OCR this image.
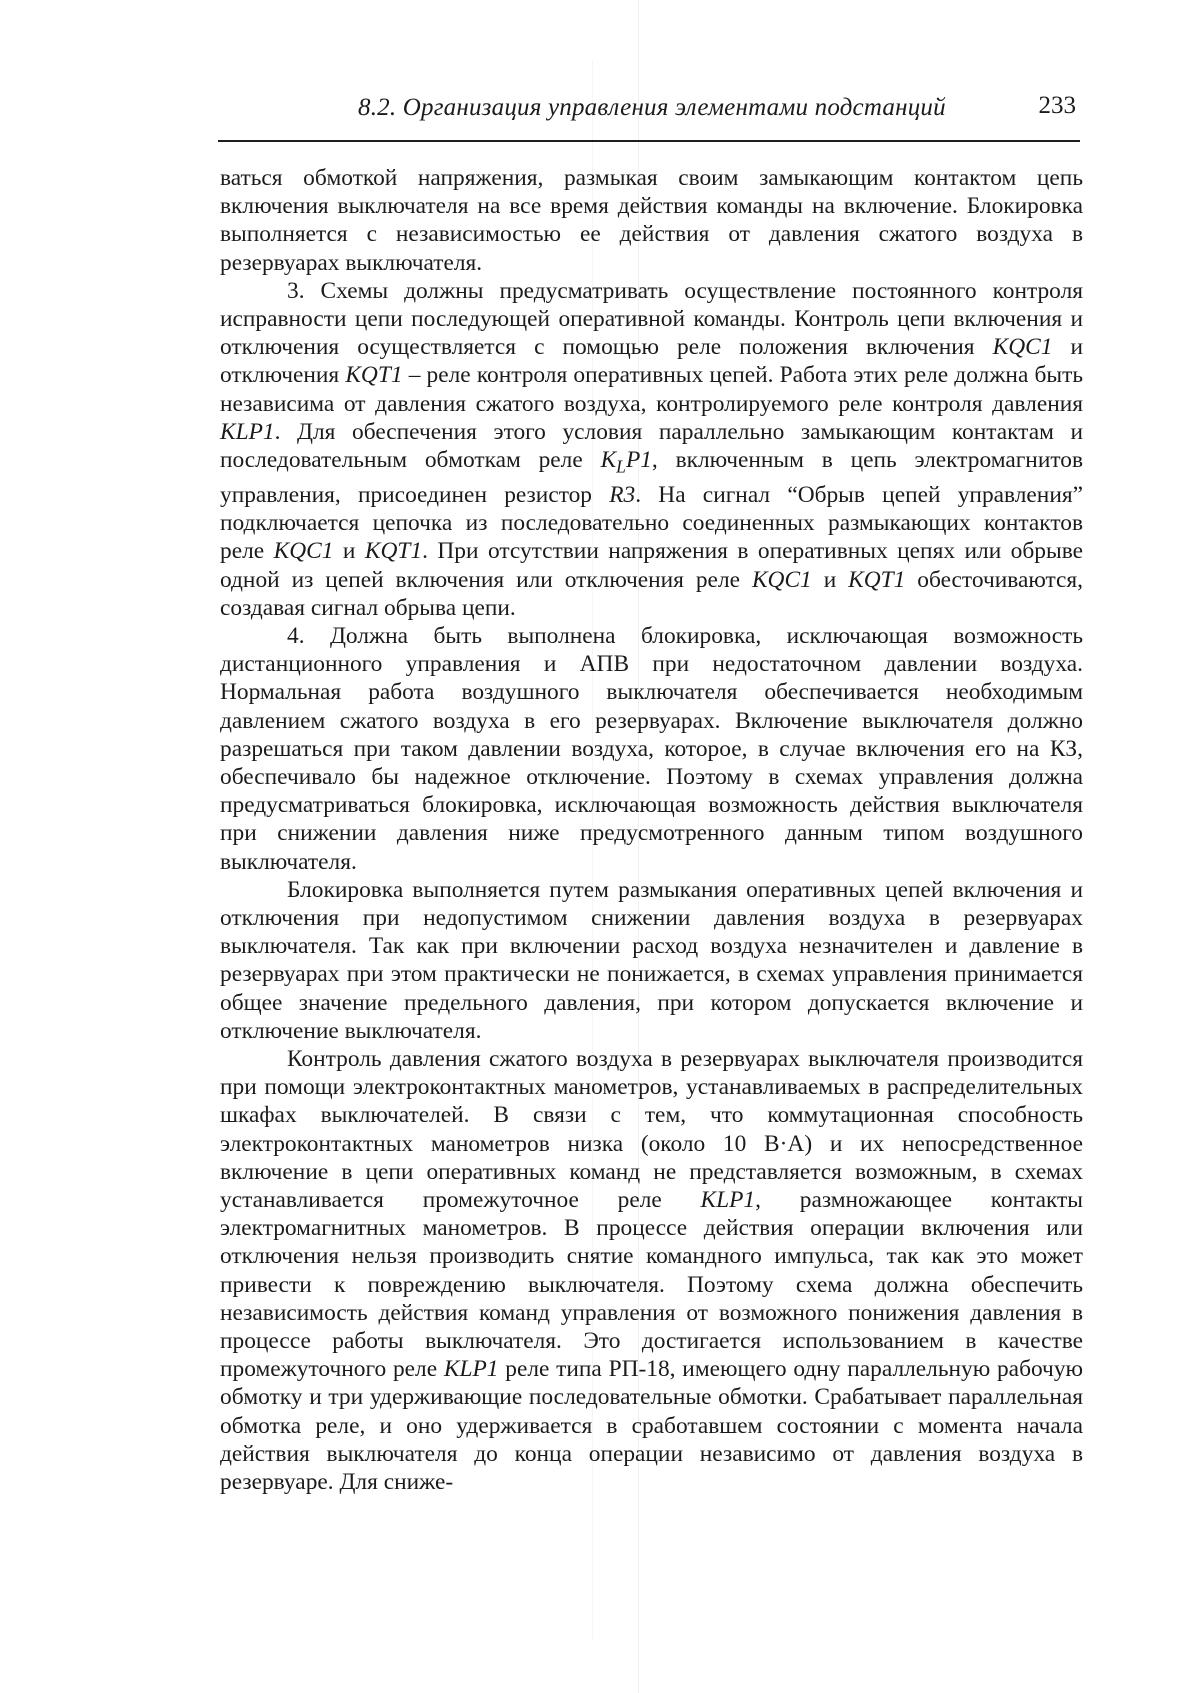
8.2. Организация управления элементами подстанций	233

ваться обмоткой напряжения, размыкая своим замыкающим контактом цепь включения выключателя на все время действия команды на включение. Блокировка выполняется с независимостью ее действия от давления сжатого воздуха в резервуарах выключателя.

3. Схемы должны предусматривать осуществление постоянного контроля исправности цепи последующей оперативной команды. Контроль цепи включения и отключения осуществляется с помощью реле положения включения KQC1 и отключения KQT1 – реле контроля оперативных цепей. Работа этих реле должна быть независима от давления сжатого воздуха, контролируемого реле контроля давления KLP1. Для обеспечения этого условия параллельно замыкающим контактам и последовательным обмоткам реле $K_LP1$, включенным в цепь электромагнитов управления, присоединен резистор R3. На сигнал “Обрыв цепей управления” подключается цепочка из последовательно соединенных размыкающих контактов реле KQC1 и KQT1. При отсутствии напряжения в оперативных цепях или обрыве одной из цепей включения или отключения реле KQC1 и KQT1 обесточиваются, создавая сигнал обрыва цепи.

4. Должна быть выполнена блокировка, исключающая возможность дистанционного управления и АПВ при недостаточном давлении воздуха. Нормальная работа воздушного выключателя обеспечивается необходимым давлением сжатого воздуха в его резервуарах. Включение выключателя должно разрешаться при таком давлении воздуха, которое, в случае включения его на КЗ, обеспечивало бы надежное отключение. Поэтому в схемах управления должна предусматриваться блокировка, исключающая возможность действия выключателя при снижении давления ниже предусмотренного данным типом воздушного выключателя.

Блокировка выполняется путем размыкания оперативных цепей включения и отключения при недопустимом снижении давления воздуха в резервуарах выключателя. Так как при включении расход воздуха незначителен и давление в резервуарах при этом практически не понижается, в схемах управления принимается общее значение предельного давления, при котором допускается включение и отключение выключателя.

Контроль давления сжатого воздуха в резервуарах выключателя производится при помощи электроконтактных манометров, устанавливаемых в распределительных шкафах выключателей. В связи с тем, что коммутационная способность электроконтактных манометров низка (около 10 В·А) и их непосредственное включение в цепи оперативных команд не представляется возможным, в схемах устанавливается промежуточное реле KLP1, размножающее контакты электромагнитных манометров. В процессе действия операции включения или отключения нельзя производить снятие командного импульса, так как это может привести к повреждению выключателя. Поэтому схема должна обеспечить независимость действия команд управления от возможного понижения давления в процессе работы выключателя. Это достигается использованием в качестве промежуточного реле KLP1 реле типа РП-18, имеющего одну параллельную рабочую обмотку и три удерживающие последовательные обмотки. Срабатывает параллельная обмотка реле, и оно удерживается в сработавшем состоянии с момента начала действия выключателя до конца операции независимо от давления воздуха в резервуаре. Для сниже-
